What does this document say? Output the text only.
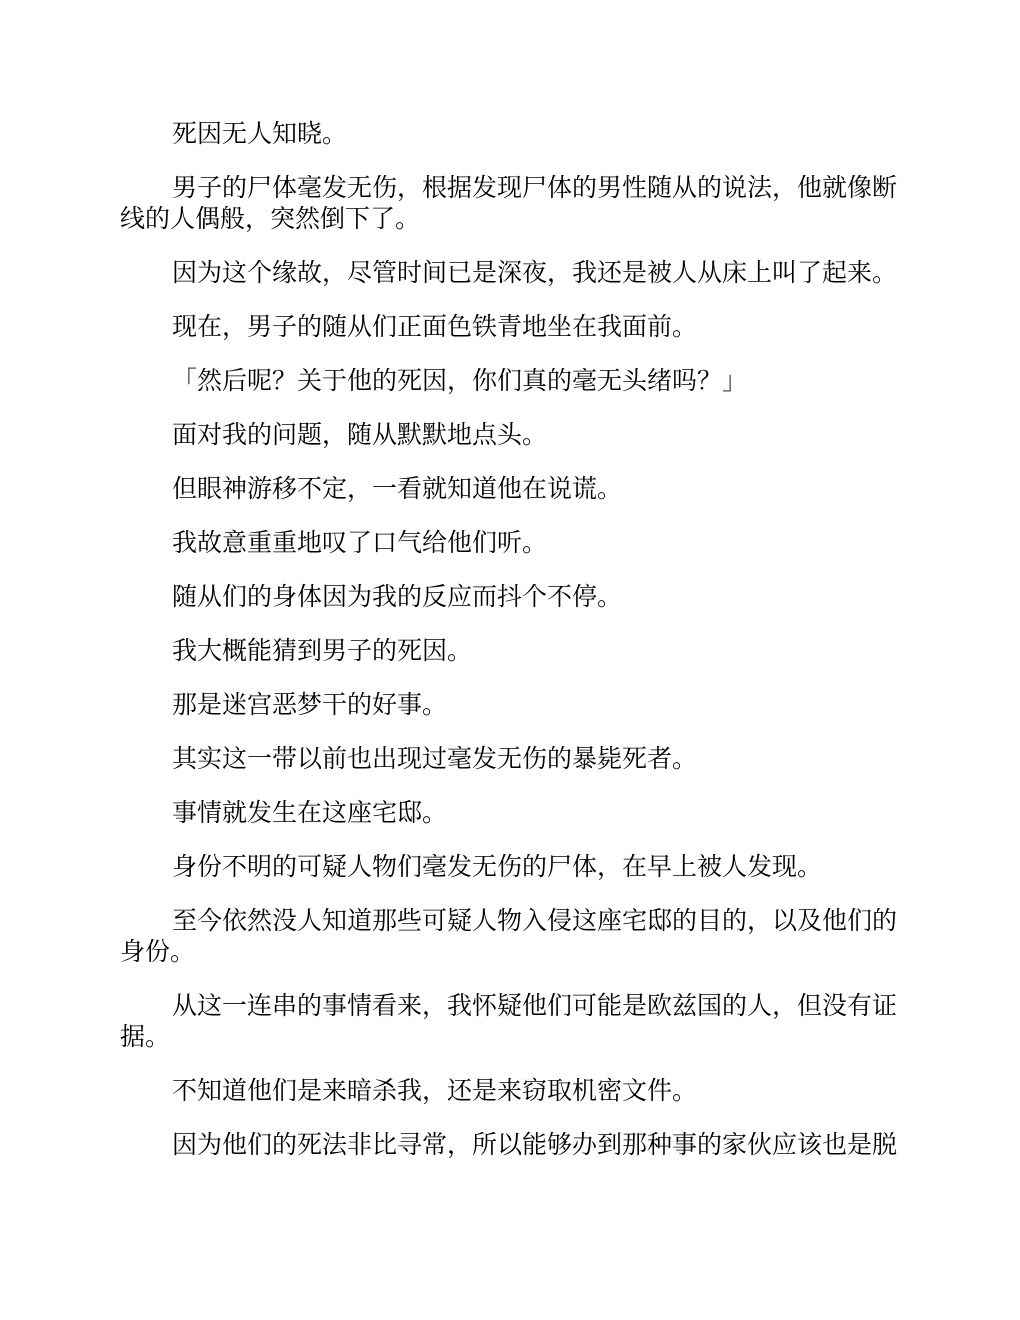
死因无人知晓。

男子的尸体毫发无伤，根据发现尸体的男性随从的说法，他就像断线的人偶般，突然倒下了。

因为这个缘故，尽管时间已是深夜，我还是被人从床上叫了起来。

现在，男子的随从们正面色铁青地坐在我面前。

「然后呢？关于他的死因，你们真的毫无头绪吗？」

面对我的问题，随从默默地点头。

但眼神游移不定，一看就知道他在说谎。

我故意重重地叹了口气给他们听。

随从们的身体因为我的反应而抖个不停。

我大概能猜到男子的死因。

那是迷宫恶梦干的好事。

其实这一带以前也出现过毫发无伤的暴毙死者。

事情就发生在这座宅邸。

身份不明的可疑人物们毫发无伤的尸体，在早上被人发现。

至今依然没人知道那些可疑人物入侵这座宅邸的目的，以及他们的身份。

从这一连串的事情看来，我怀疑他们可能是欧兹国的人，但没有证据。

不知道他们是来暗杀我，还是来窃取机密文件。

因为他们的死法非比寻常，所以能够办到那种事的家伙应该也是脱
